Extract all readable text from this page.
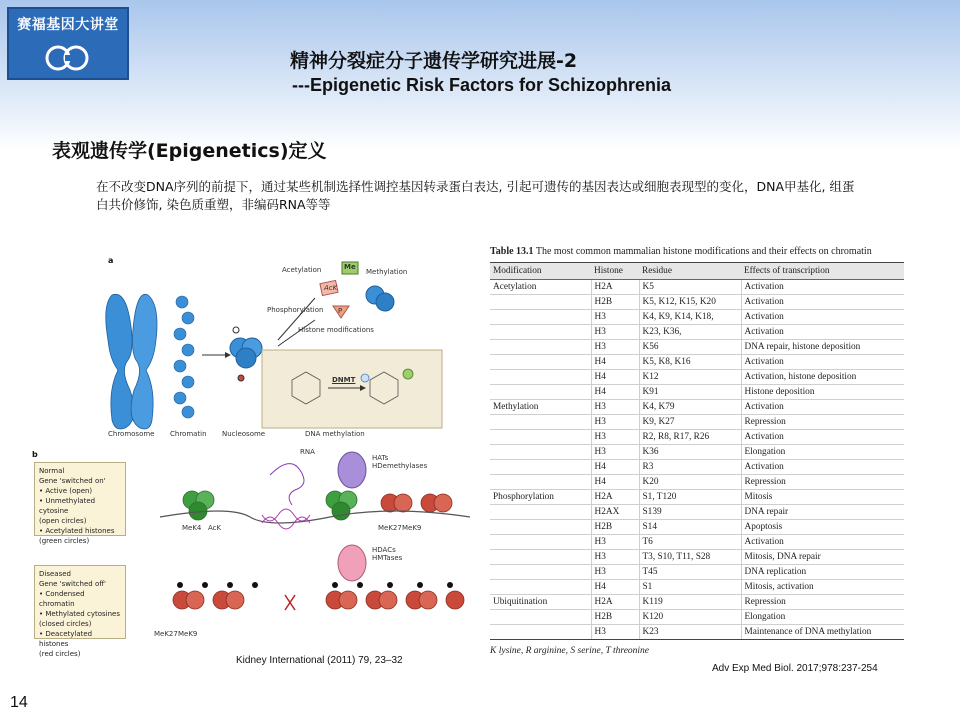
赛福基因大讲堂
精神分裂症分子遗传学研究进展-2
---Epigenetic Risk Factors for Schizophrenia
表观遗传学(Epigenetics)定义
在不改变DNA序列的前提下，通过某些机制选择性调控基因转录蛋白表达, 引起可遗传的基因表达或细胞表现型的变化，DNA甲基化, 组蛋白共价修饰, 染色质重塑，非编码RNA等等
a
Acetylation	Methylation
Phosphorylation
Histone modifications
Me
AcK
P
DNMT
Chromosome Chromatin Nucleosome	DNA methylation
b
Normal
Gene 'switched on'
• Active (open)
• Unmethylated cytosine
(open circles)
• Acetylated histones
(green circles)
Diseased
Gene 'switched off'
• Condensed chromatin
• Methylated cytosines
(closed circles)
• Deacetylated histones
(red circles)
RNA
HATs
HDemethylases
HDACs
HMTases
MeK4 AcK	MeK27 MeK9
MeK27 MeK9
Kidney International (2011) 79, 23–32
Table 13.1 The most common mammalian histone modifications and their effects on chromatin
Modification	Histone	Residue	Effects of transcription
Acetylation	H2A	K5	Activation
	H2B	K5, K12, K15, K20	Activation
	H3	K4, K9, K14, K18,	Activation
	H3	K23, K36,	Activation
	H3	K56	DNA repair, histone deposition
	H4	K5, K8, K16	Activation
	H4	K12	Activation, histone deposition
	H4	K91	Histone deposition
Methylation	H3	K4, K79	Activation
	H3	K9, K27	Repression
	H3	R2, R8, R17, R26	Activation
	H3	K36	Elongation
	H4	R3	Activation
	H4	K20	Repression
Phosphorylation	H2A	S1, T120	Mitosis
	H2AX	S139	DNA repair
	H2B	S14	Apoptosis
	H3	T6	Activation
	H3	T3, S10, T11, S28	Mitosis, DNA repair
	H3	T45	DNA replication
	H4	S1	Mitosis, activation
Ubiquitination	H2A	K119	Repression
	H2B	K120	Elongation
	H3	K23	Maintenance of DNA methylation
K lysine, R arginine, S serine, T threonine
Adv Exp Med Biol. 2017;978:237-254
14
